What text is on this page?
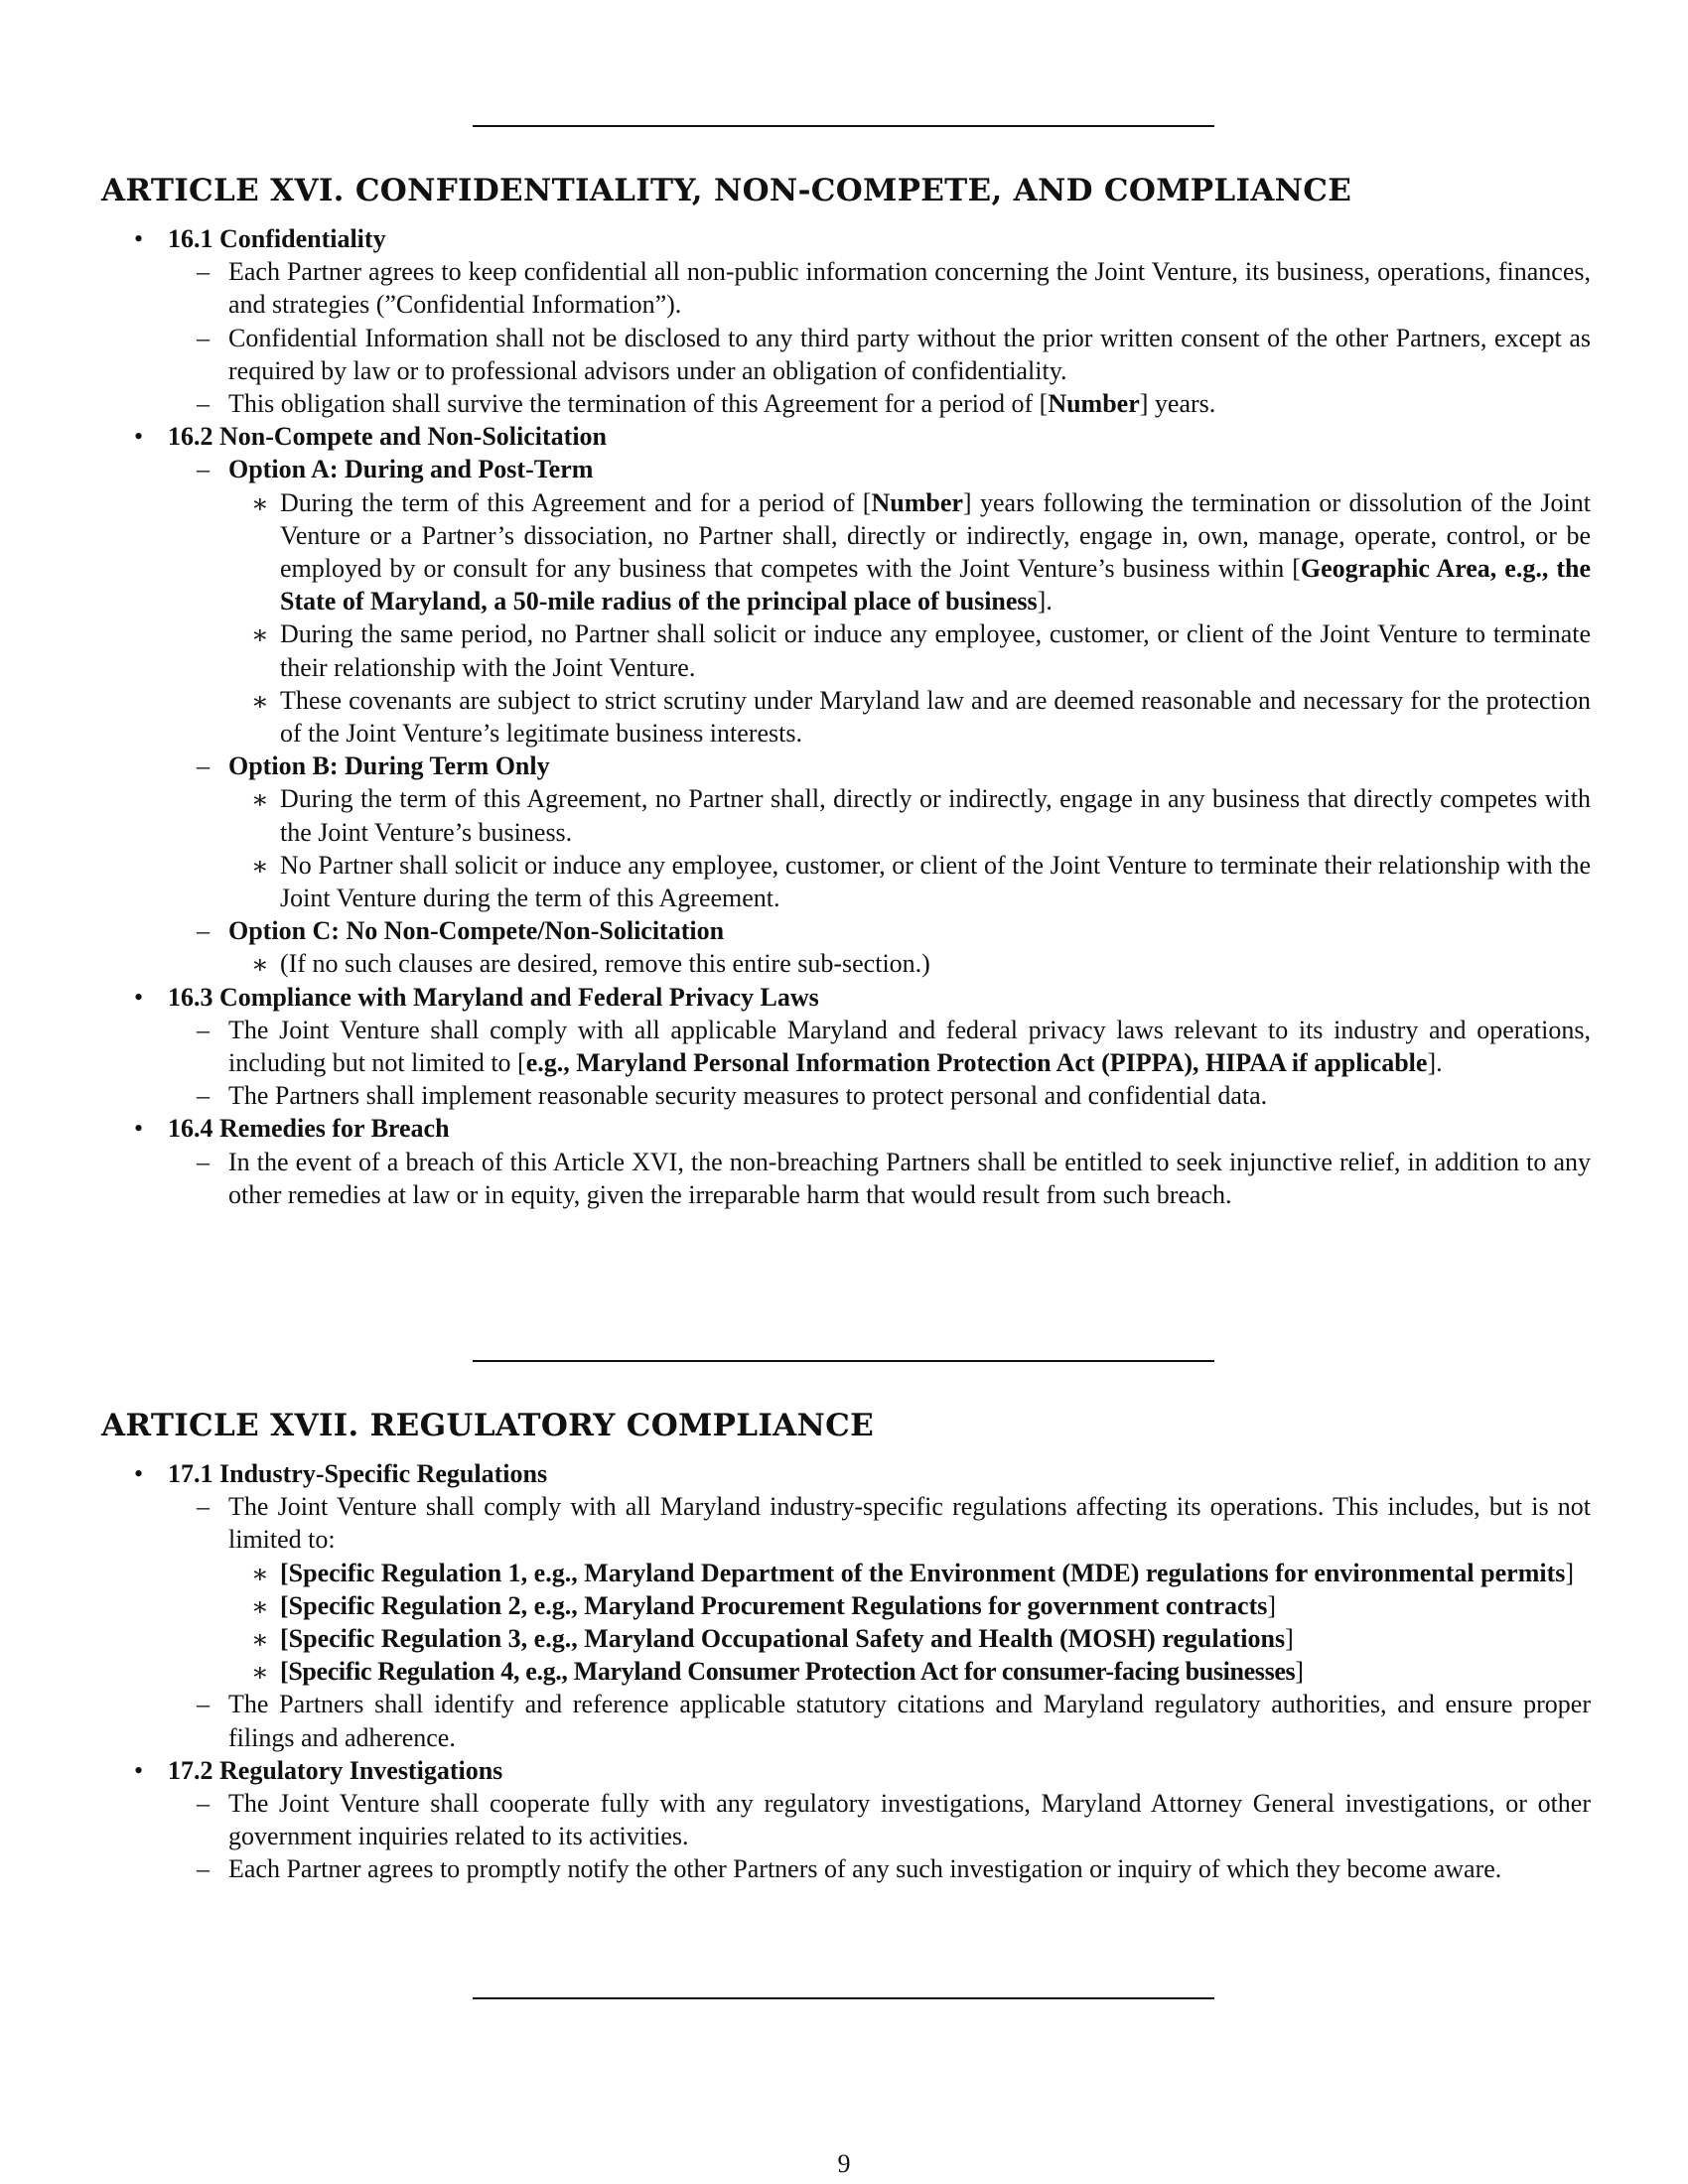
ARTICLE XVI. CONFIDENTIALITY, NON-COMPETE, AND COMPLIANCE
• 16.1 Confidentiality
– Each Partner agrees to keep confidential all non-public information concerning the Joint Venture, its business, operations, finances, and strategies (”Confidential Information”).
– Confidential Information shall not be disclosed to any third party without the prior written consent of the other Partners, except as required by law or to professional advisors under an obligation of confidentiality.
– This obligation shall survive the termination of this Agreement for a period of [Number] years.
• 16.2 Non-Compete and Non-Solicitation
– Option A: During and Post-Term
∗ During the term of this Agreement and for a period of [Number] years following the termination or dissolution of the Joint Venture or a Partner’s dissociation, no Partner shall, directly or indirectly, engage in, own, manage, operate, control, or be employed by or consult for any business that competes with the Joint Venture’s business within [Geographic Area, e.g., the State of Maryland, a 50-mile radius of the principal place of business].
∗ During the same period, no Partner shall solicit or induce any employee, customer, or client of the Joint Venture to terminate their relationship with the Joint Venture.
∗ These covenants are subject to strict scrutiny under Maryland law and are deemed reasonable and necessary for the protection of the Joint Venture’s legitimate business interests.
– Option B: During Term Only
∗ During the term of this Agreement, no Partner shall, directly or indirectly, engage in any business that directly competes with the Joint Venture’s business.
∗ No Partner shall solicit or induce any employee, customer, or client of the Joint Venture to terminate their relationship with the Joint Venture during the term of this Agreement.
– Option C: No Non-Compete/Non-Solicitation
∗ (If no such clauses are desired, remove this entire sub-section.)
• 16.3 Compliance with Maryland and Federal Privacy Laws
– The Joint Venture shall comply with all applicable Maryland and federal privacy laws relevant to its industry and operations, including but not limited to [e.g., Maryland Personal Information Protection Act (PIPPA), HIPAA if applicable].
– The Partners shall implement reasonable security measures to protect personal and confidential data.
• 16.4 Remedies for Breach
– In the event of a breach of this Article XVI, the non-breaching Partners shall be entitled to seek injunctive relief, in addition to any other remedies at law or in equity, given the irreparable harm that would result from such breach.
ARTICLE XVII. REGULATORY COMPLIANCE
• 17.1 Industry-Specific Regulations
– The Joint Venture shall comply with all Maryland industry-specific regulations affecting its operations. This includes, but is not limited to:
∗ [Specific Regulation 1, e.g., Maryland Department of the Environment (MDE) regulations for environmental permits]
∗ [Specific Regulation 2, e.g., Maryland Procurement Regulations for government contracts]
∗ [Specific Regulation 3, e.g., Maryland Occupational Safety and Health (MOSH) regulations]
∗ [Specific Regulation 4, e.g., Maryland Consumer Protection Act for consumer-facing businesses]
– The Partners shall identify and reference applicable statutory citations and Maryland regulatory authorities, and ensure proper filings and adherence.
• 17.2 Regulatory Investigations
– The Joint Venture shall cooperate fully with any regulatory investigations, Maryland Attorney General investigations, or other government inquiries related to its activities.
– Each Partner agrees to promptly notify the other Partners of any such investigation or inquiry of which they become aware.
9
